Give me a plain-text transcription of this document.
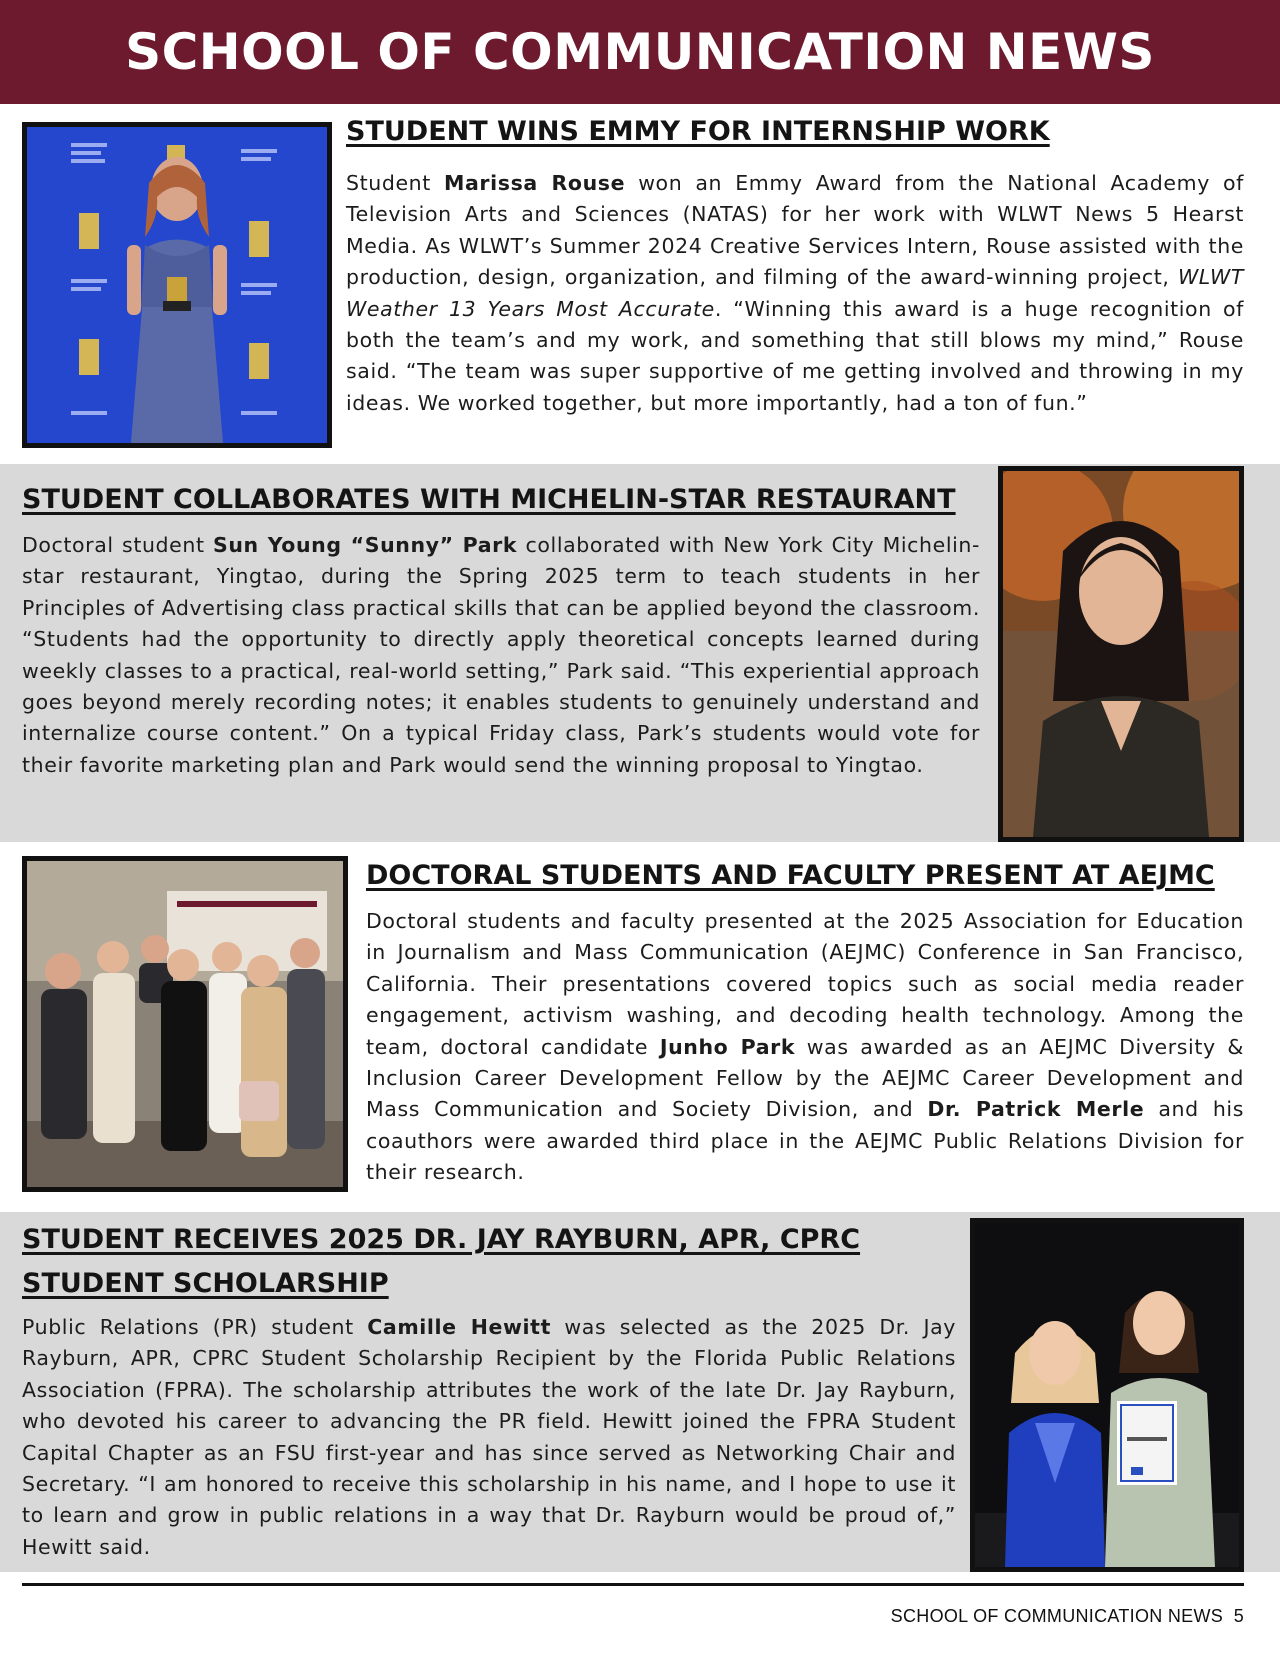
SCHOOL OF COMMUNICATION NEWS
STUDENT WINS EMMY FOR INTERNSHIP WORK
Student Marissa Rouse won an Emmy Award from the National Academy of Television Arts and Sciences (NATAS) for her work with WLWT News 5 Hearst Media. As WLWT’s Summer 2024 Creative Services Intern, Rouse assisted with the production, design, organization, and filming of the award-winning project, WLWT Weather 13 Years Most Accurate. “Winning this award is a huge recognition of both the team’s and my work, and something that still blows my mind,” Rouse said. “The team was super supportive of me getting involved and throwing in my ideas. We worked together, but more importantly, had a ton of fun.”
STUDENT COLLABORATES WITH MICHELIN-STAR RESTAURANT
Doctoral student Sun Young “Sunny” Park collaborated with New York City Michelin-star restaurant, Yingtao, during the Spring 2025 term to teach students in her Principles of Advertising class practical skills that can be applied beyond the classroom. “Students had the opportunity to directly apply theoretical concepts learned during weekly classes to a practical, real-world setting,” Park said. “This experiential approach goes beyond merely recording notes; it enables students to genuinely understand and internalize course content.” On a typical Friday class, Park’s students would vote for their favorite marketing plan and Park would send the winning proposal to Yingtao.
DOCTORAL STUDENTS AND FACULTY PRESENT AT AEJMC
Doctoral students and faculty presented at the 2025 Association for Education in Journalism and Mass Communication (AEJMC) Conference in San Francisco, California. Their presentations covered topics such as social media reader engagement, activism washing, and decoding health technology. Among the team, doctoral candidate Junho Park was awarded as an AEJMC Diversity & Inclusion Career Development Fellow by the AEJMC Career Development and Mass Communication and Society Division, and Dr. Patrick Merle and his coauthors were awarded third place in the AEJMC Public Relations Division for their research.
STUDENT RECEIVES 2025 DR. JAY RAYBURN, APR, CPRC
STUDENT SCHOLARSHIP
Public Relations (PR) student Camille Hewitt was selected as the 2025 Dr. Jay Rayburn, APR, CPRC Student Scholarship Recipient by the Florida Public Relations Association (FPRA). The scholarship attributes the work of the late Dr. Jay Rayburn, who devoted his career to advancing the PR field. Hewitt joined the FPRA Student Capital Chapter as an FSU first-year and has since served as Networking Chair and Secretary. “I am honored to receive this scholarship in his name, and I hope to use it to learn and grow in public relations in a way that Dr. Rayburn would be proud of,” Hewitt said.
SCHOOL OF COMMUNICATION NEWS 5
